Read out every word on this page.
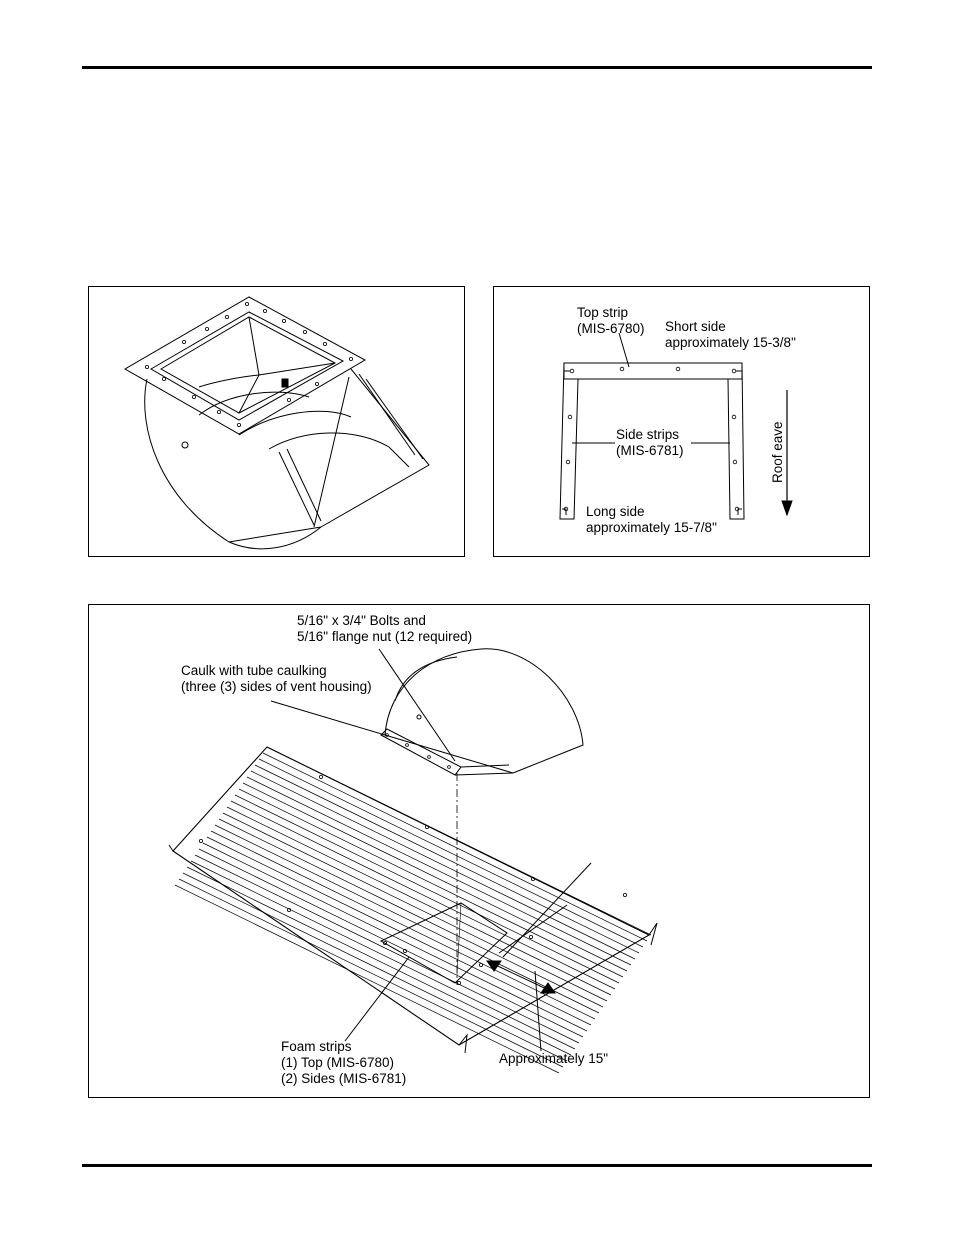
Top strip
(MIS-6780) Short side
approximately 15-3/8"
Side strips
(MIS-6781)
Long side
approximately 15-7/8"
Roof eave
5/16" x 3/4" Bolts and
5/16" flange nut (12 required)
Caulk with tube caulking
(three (3) sides of vent housing)
Foam strips
(1) Top (MIS-6780)
(2) Sides (MIS-6781)
Approximately 15"
